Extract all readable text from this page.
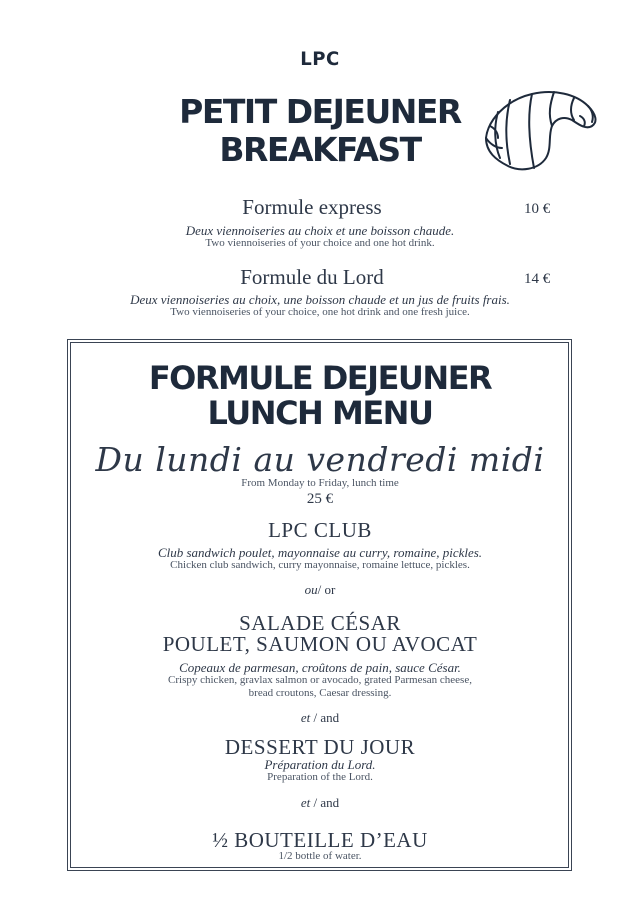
LPC
PETIT DEJEUNER
BREAKFAST
Formule express	10 €
Deux viennoiseries au choix et une boisson chaude.
Two viennoiseries of your choice and one hot drink.
Formule du Lord	14 €
Deux viennoiseries au choix, une boisson chaude et un jus de fruits frais.
Two viennoiseries of your choice, one hot drink and one fresh juice.
FORMULE DEJEUNER
LUNCH MENU
Du lundi au vendredi midi
From Monday to Friday, lunch time
25 €
LPC CLUB
Club sandwich poulet, mayonnaise au curry, romaine, pickles.
Chicken club sandwich, curry mayonnaise, romaine lettuce, pickles.
ou/ or
SALADE CÉSAR
POULET, SAUMON OU AVOCAT
Copeaux de parmesan, croûtons de pain, sauce César.
Crispy chicken, gravlax salmon or avocado, grated Parmesan cheese,
bread croutons, Caesar dressing.
et / and
DESSERT DU JOUR
Préparation du Lord.
Preparation of the Lord.
et / and
½ BOUTEILLE D’EAU
1/2 bottle of water.
